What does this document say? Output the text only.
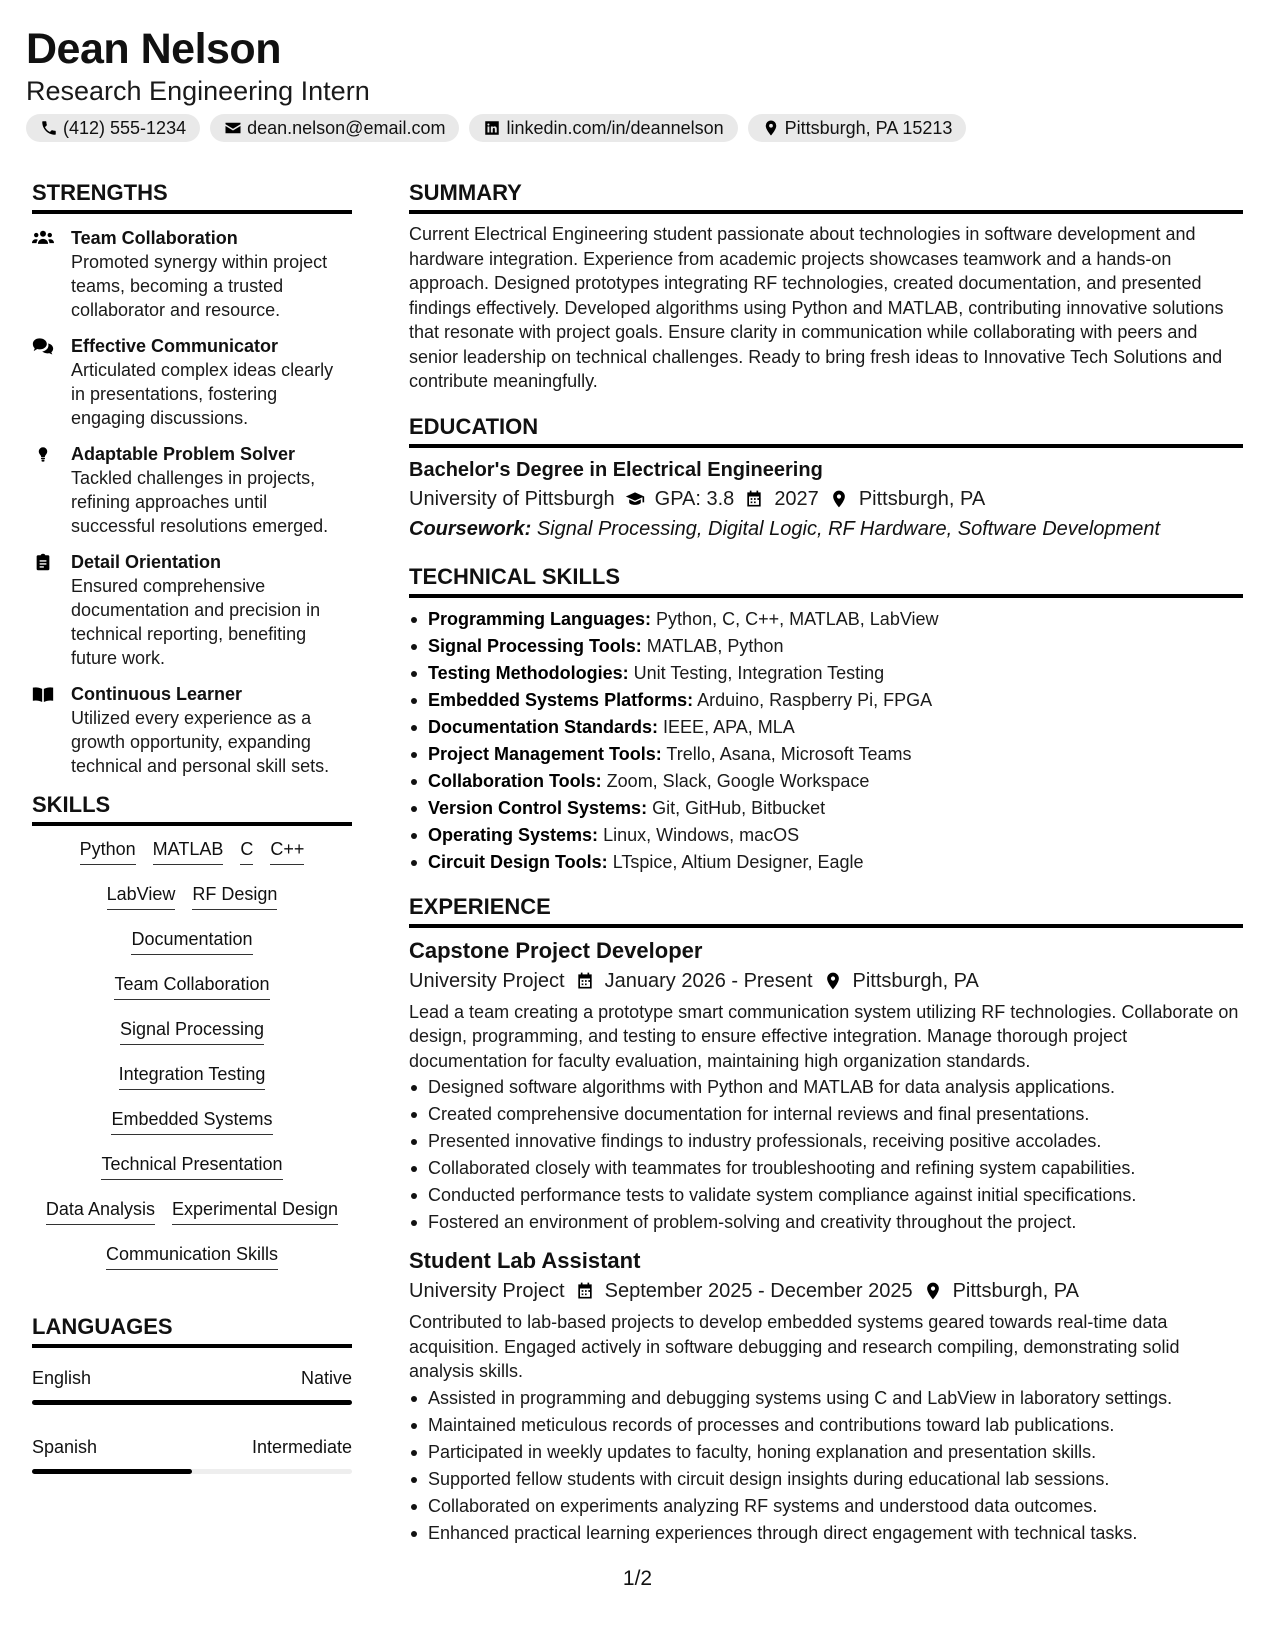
Dean Nelson
Research Engineering Intern
(412) 555-1234	dean.nelson@email.com	linkedin.com/in/deannelson	Pittsburgh, PA 15213
STRENGTHS
Team Collaboration
Promoted synergy within project teams, becoming a trusted collaborator and resource.
Effective Communicator
Articulated complex ideas clearly in presentations, fostering engaging discussions.
Adaptable Problem Solver
Tackled challenges in projects, refining approaches until successful resolutions emerged.
Detail Orientation
Ensured comprehensive documentation and precision in technical reporting, benefiting future work.
Continuous Learner
Utilized every experience as a growth opportunity, expanding technical and personal skill sets.
SKILLS
Python MATLAB C C++
LabView RF Design
Documentation
Team Collaboration
Signal Processing
Integration Testing
Embedded Systems
Technical Presentation
Data Analysis Experimental Design
Communication Skills
LANGUAGES
English	Native
Spanish	Intermediate
SUMMARY
Current Electrical Engineering student passionate about technologies in software development and hardware integration. Experience from academic projects showcases teamwork and a hands-on approach. Designed prototypes integrating RF technologies, created documentation, and presented findings effectively. Developed algorithms using Python and MATLAB, contributing innovative solutions that resonate with project goals. Ensure clarity in communication while collaborating with peers and senior leadership on technical challenges. Ready to bring fresh ideas to Innovative Tech Solutions and contribute meaningfully.
EDUCATION
Bachelor's Degree in Electrical Engineering
University of Pittsburgh GPA: 3.8 2027 Pittsburgh, PA
Coursework: Signal Processing, Digital Logic, RF Hardware, Software Development
TECHNICAL SKILLS
Programming Languages: Python, C, C++, MATLAB, LabView
Signal Processing Tools: MATLAB, Python
Testing Methodologies: Unit Testing, Integration Testing
Embedded Systems Platforms: Arduino, Raspberry Pi, FPGA
Documentation Standards: IEEE, APA, MLA
Project Management Tools: Trello, Asana, Microsoft Teams
Collaboration Tools: Zoom, Slack, Google Workspace
Version Control Systems: Git, GitHub, Bitbucket
Operating Systems: Linux, Windows, macOS
Circuit Design Tools: LTspice, Altium Designer, Eagle
EXPERIENCE
Capstone Project Developer
University Project January 2026 - Present Pittsburgh, PA
Lead a team creating a prototype smart communication system utilizing RF technologies. Collaborate on design, programming, and testing to ensure effective integration. Manage thorough project documentation for faculty evaluation, maintaining high organization standards.
Designed software algorithms with Python and MATLAB for data analysis applications.
Created comprehensive documentation for internal reviews and final presentations.
Presented innovative findings to industry professionals, receiving positive accolades.
Collaborated closely with teammates for troubleshooting and refining system capabilities.
Conducted performance tests to validate system compliance against initial specifications.
Fostered an environment of problem-solving and creativity throughout the project.
Student Lab Assistant
University Project September 2025 - December 2025 Pittsburgh, PA
Contributed to lab-based projects to develop embedded systems geared towards real-time data acquisition. Engaged actively in software debugging and research compiling, demonstrating solid analysis skills.
Assisted in programming and debugging systems using C and LabView in laboratory settings.
Maintained meticulous records of processes and contributions toward lab publications.
Participated in weekly updates to faculty, honing explanation and presentation skills.
Supported fellow students with circuit design insights during educational lab sessions.
Collaborated on experiments analyzing RF systems and understood data outcomes.
Enhanced practical learning experiences through direct engagement with technical tasks.
1/2
